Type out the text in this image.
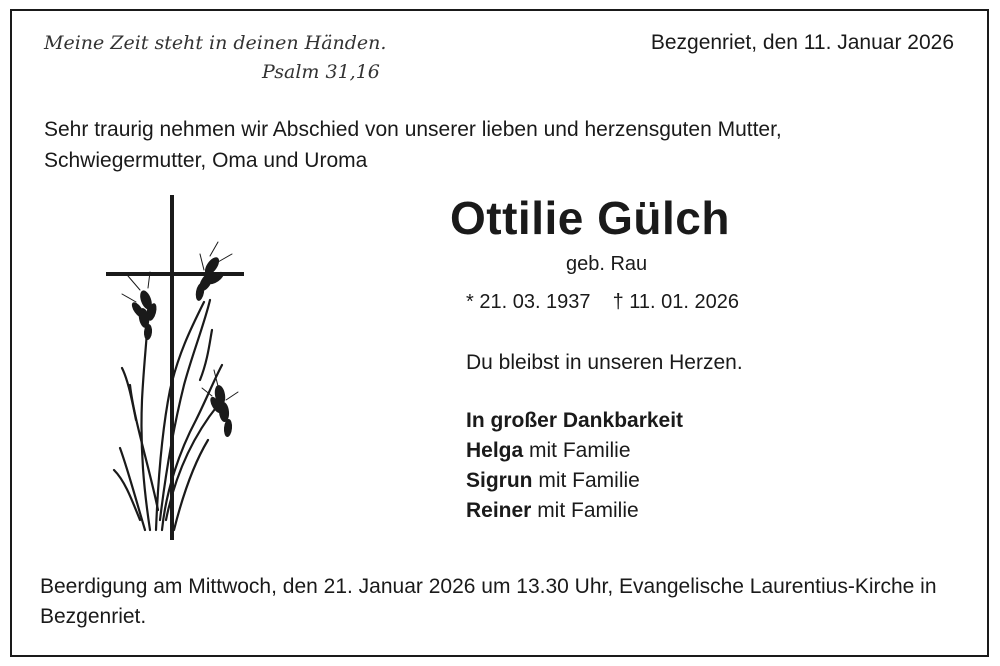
Meine Zeit steht in deinen Händen.
Psalm 31,16
Bezgenriet, den 11. Januar 2026
Sehr traurig nehmen wir Abschied von unserer lieben und herzensguten Mutter, Schwiegermutter, Oma und Uroma
Ottilie Gülch
geb. Rau
* 21. 03. 1937 † 11. 01. 2026
Du bleibst in unseren Herzen.
In großer Dankbarkeit
Helga mit Familie
Sigrun mit Familie
Reiner mit Familie
Beerdigung am Mittwoch, den 21. Januar 2026 um 13.30 Uhr, Evangelische Laurentius-Kirche in Bezgenriet.
